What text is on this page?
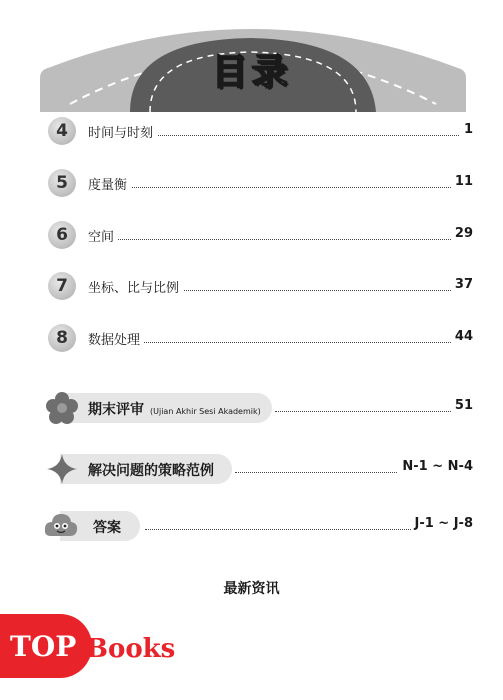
目录
4	时间与时刻	1
5	度量衡	11
6	空间	29
7	坐标、比与比例	37
8	数据处理	44
期末评审 (Ujian Akhir Sesi Akademik)	51
解决问题的策略范例	N-1 ~ N-4
答案	J-1 ~ J-8
最新资讯
TOP Books
